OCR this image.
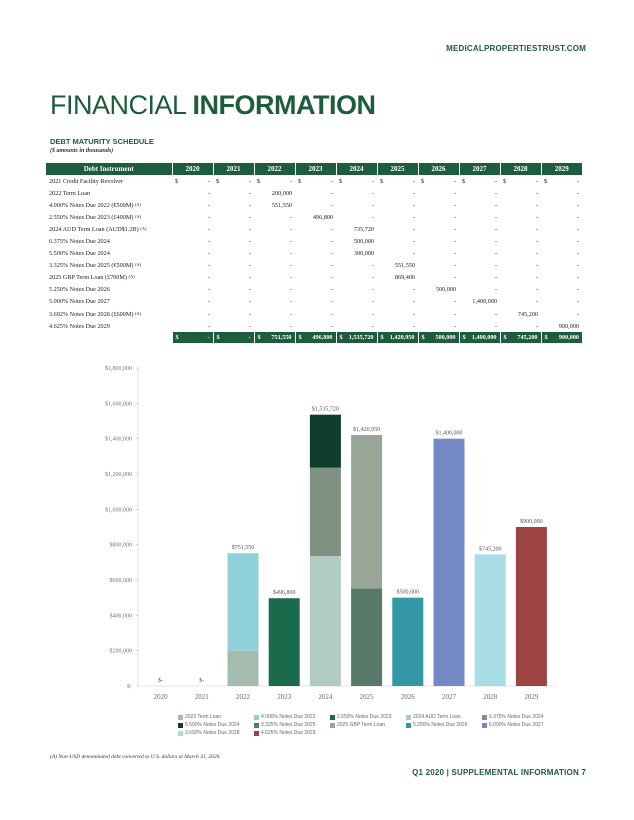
MEDICALPROPERTIESTRUST.COM
FINANCIAL INFORMATION
DEBT MATURITY SCHEDULE
($ amounts in thousands)
Debt Instrument	2020	2021	2022	2023	2024	2025	2026	2027	2028	2029
2021 Credit Facility Revolver	$ -	$ -	$ -	$ -	$ -	$ -	$ -	$ -	$ -	$ -
2022 Term Loan	-	-	200,000	-	-	-	-	-	-	-
4.000% Notes Due 2022 (€500M) $^{(A)}$	-	-	551,550	-	-	-	-	-	-	-
2.550% Notes Due 2023 (£400M) $^{(A)}$	-	-	-	496,800	-	-	-	-	-	-
2024 AUD Term Loan (AUD$1.2B) $^{(A)}$	-	-	-	-	735,720	-	-	-	-	-
6.375% Notes Due 2024	-	-	-	-	500,000	-	-	-	-	-
5.500% Notes Due 2024	-	-	-	-	300,000	-	-	-	-	-
3.325% Notes Due 2025 (€500M) $^{(A)}$	-	-	-	-	-	551,550	-	-	-	-
2025 GBP Term Loan (£700M) $^{(A)}$	-	-	-	-	-	869,400	-	-	-	-
5.250% Notes Due 2026	-	-	-	-	-	-	500,000	-	-	-
5.000% Notes Due 2027	-	-	-	-	-	-	-	1,400,000	-	-
3.692% Notes Due 2028 (£600M) $^{(A)}$	-	-	-	-	-	-	-	-	745,200	-
4.625% Notes Due 2029	-	-	-	-	-	-	-	-	-	900,000

	$ -	$ -	$ 751,550	$ 496,800	$ 1,535,720	$ 1,420,950	$ 500,000	$ 1,400,000	$ 745,200	$ 900,000
$-
$200,000
$400,000
$600,000
$800,000
$1,000,000
$1,200,000
$1,400,000
$1,600,000
$1,800,000
$-
2020
$-
2021
$751,550
2022
$496,800
2023
$1,535,720
2024
$1,420,950
2025
$500,000
2026
$1,400,000
2027
$745,200
2028
$900,000
2029
2022 Term Loan	4.000% Notes Due 2022	2.550% Notes Due 2023	2024 AUD Term Loan	6.375% Notes Due 2024
5.500% Notes Due 2024	3.325% Notes Due 2025	2025 GBP Term Loan	5.250% Notes Due 2026	5.000% Notes Due 2027
3.692% Notes Due 2028	4.625% Notes Due 2029
(A) Non-USD denominated debt converted to U.S. dollars at March 31, 2020.
Q1 2020 | SUPPLEMENTAL INFORMATION 7
